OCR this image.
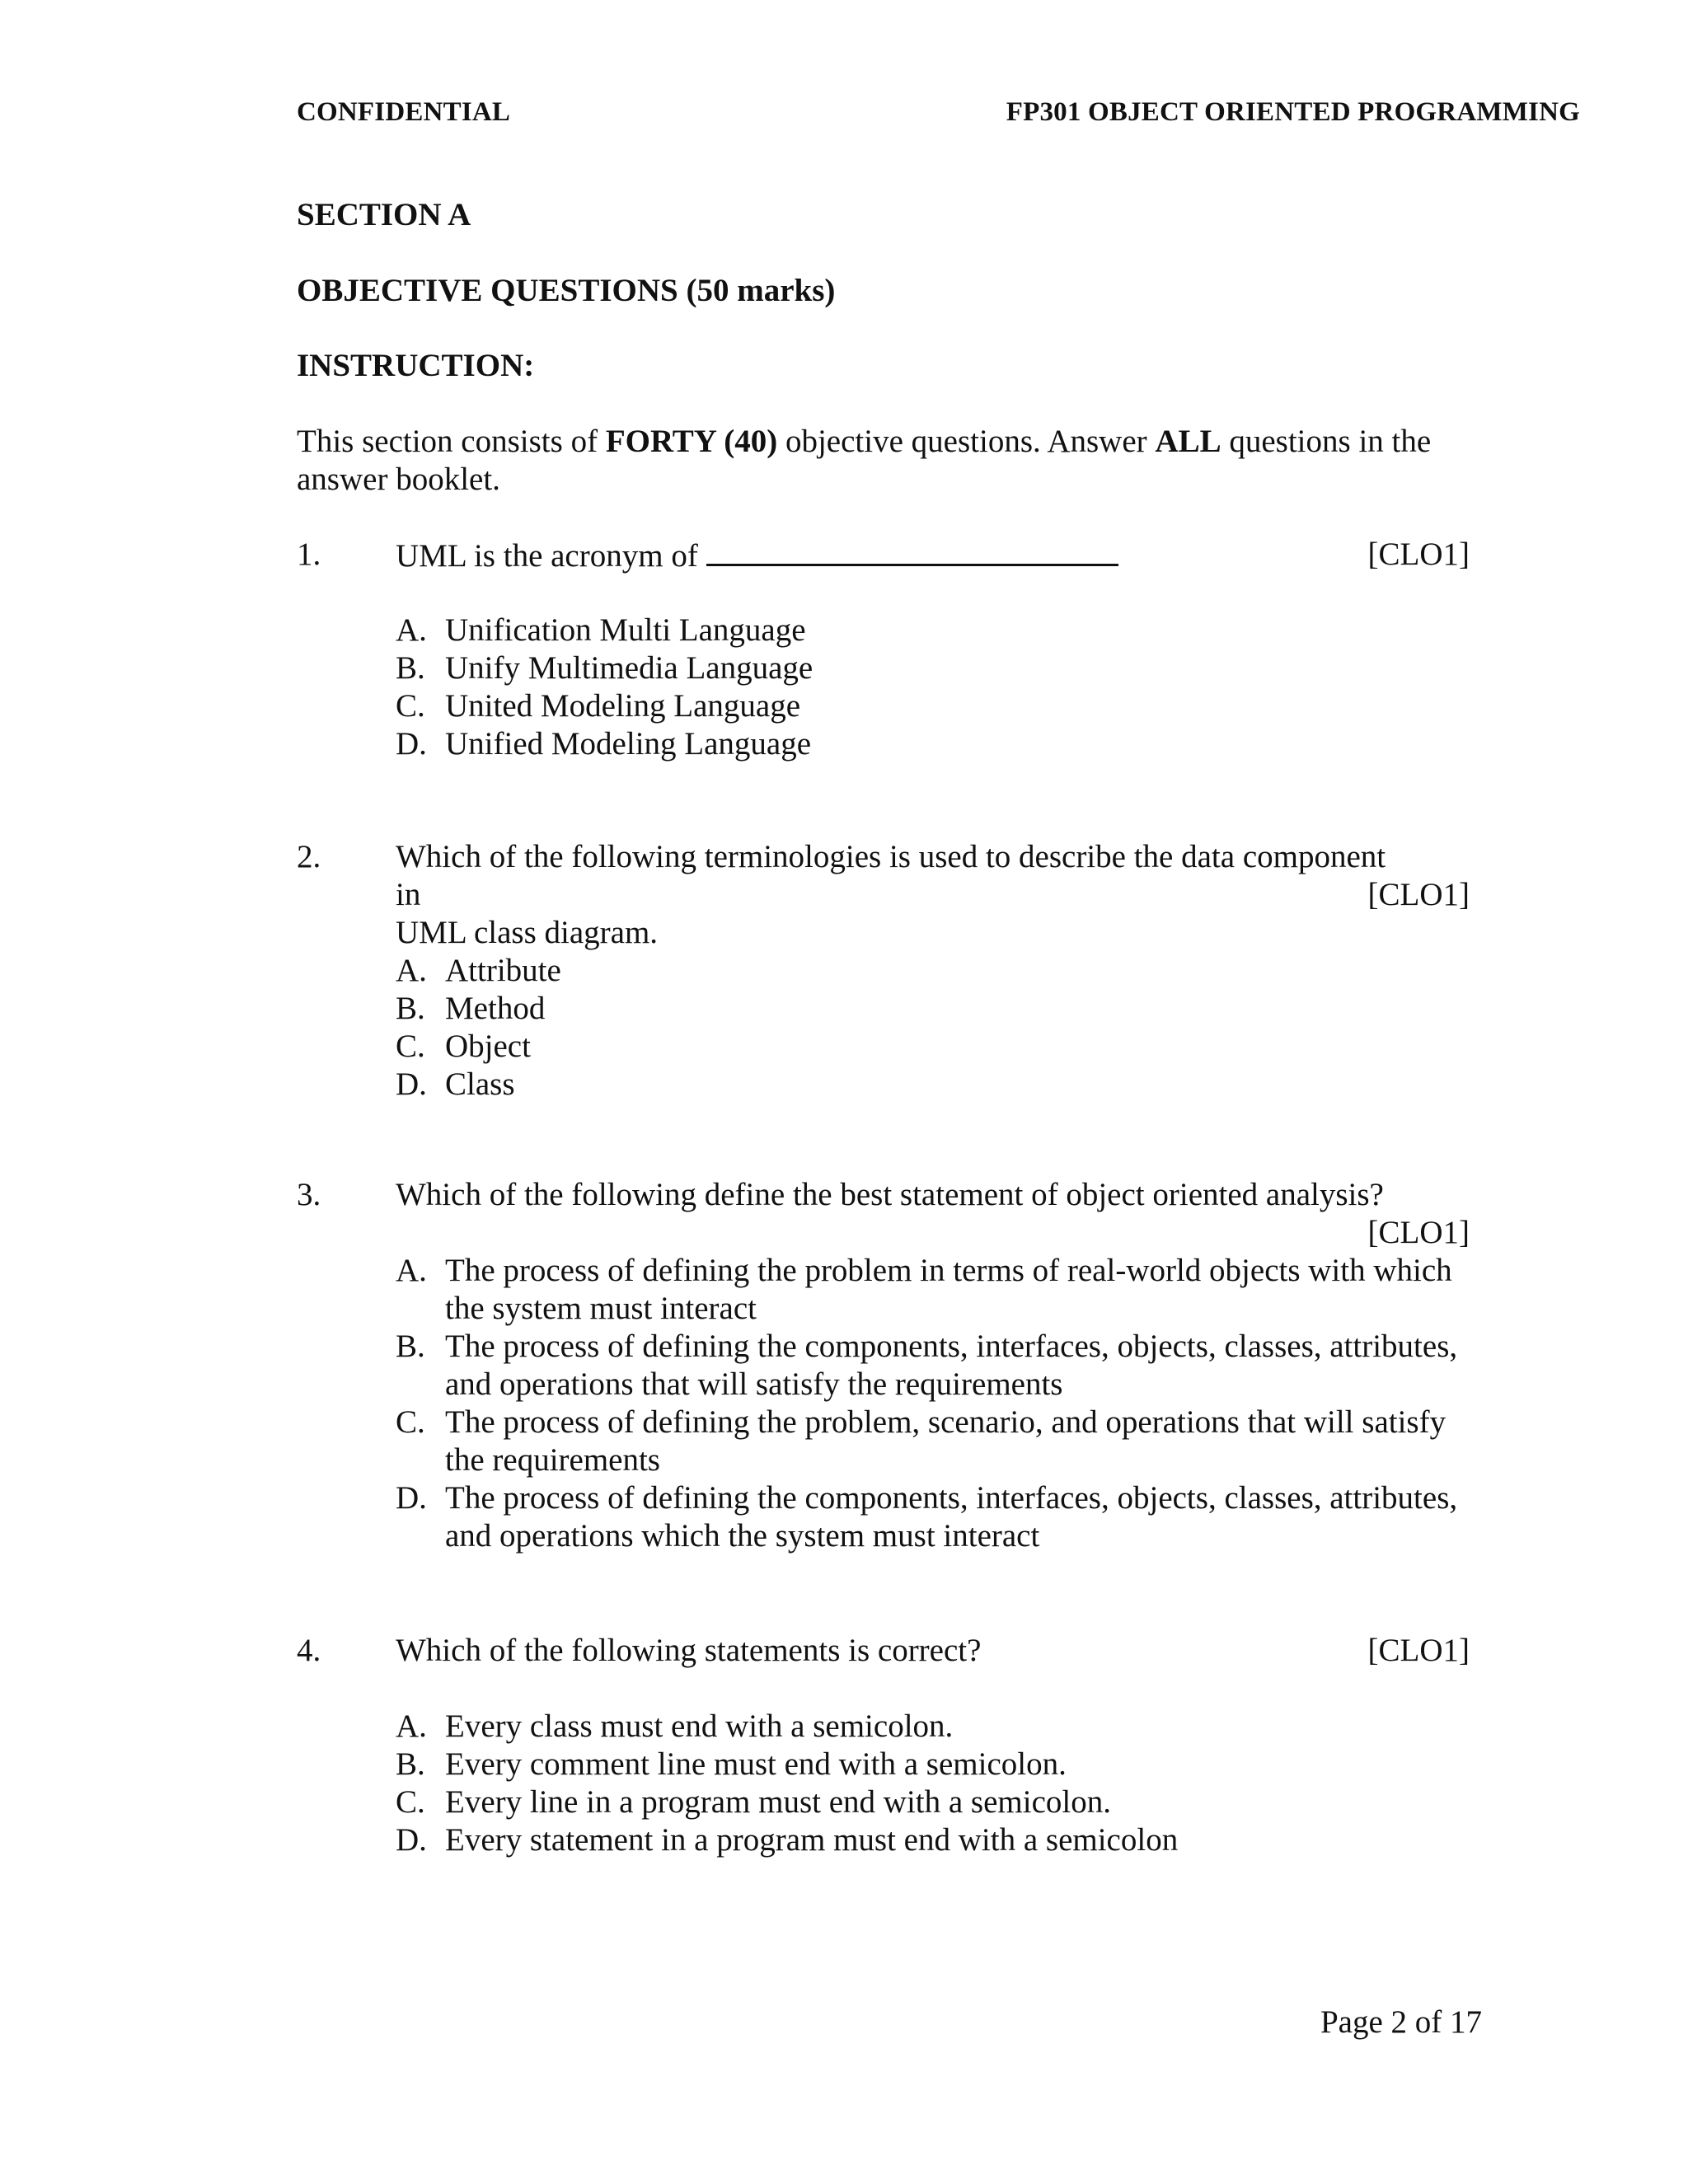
CONFIDENTIAL	FP301 OBJECT ORIENTED PROGRAMMING
SECTION A
OBJECTIVE QUESTIONS (50 marks)
INSTRUCTION:
This section consists of FORTY (40) objective questions. Answer ALL questions in the answer booklet.
1. UML is the acronym of	[CLO1]
A. Unification Multi Language
B. Unify Multimedia Language
C. United Modeling Language
D. Unified Modeling Language
2. Which of the following terminologies is used to describe the data component in
UML class diagram.
[CLO1]
A. Attribute
B. Method
C. Object
D. Class
3. Which of the following define the best statement of object oriented analysis?
[CLO1]
A. The process of defining the problem in terms of real-world objects with which the system must interact
B. The process of defining the components, interfaces, objects, classes, attributes, and operations that will satisfy the requirements
C. The process of defining the problem, scenario, and operations that will satisfy the requirements
D. The process of defining the components, interfaces, objects, classes, attributes, and operations which the system must interact
4. Which of the following statements is correct?	[CLO1]
A. Every class must end with a semicolon.
B. Every comment line must end with a semicolon.
C. Every line in a program must end with a semicolon.
D. Every statement in a program must end with a semicolon
Page 2 of 17
